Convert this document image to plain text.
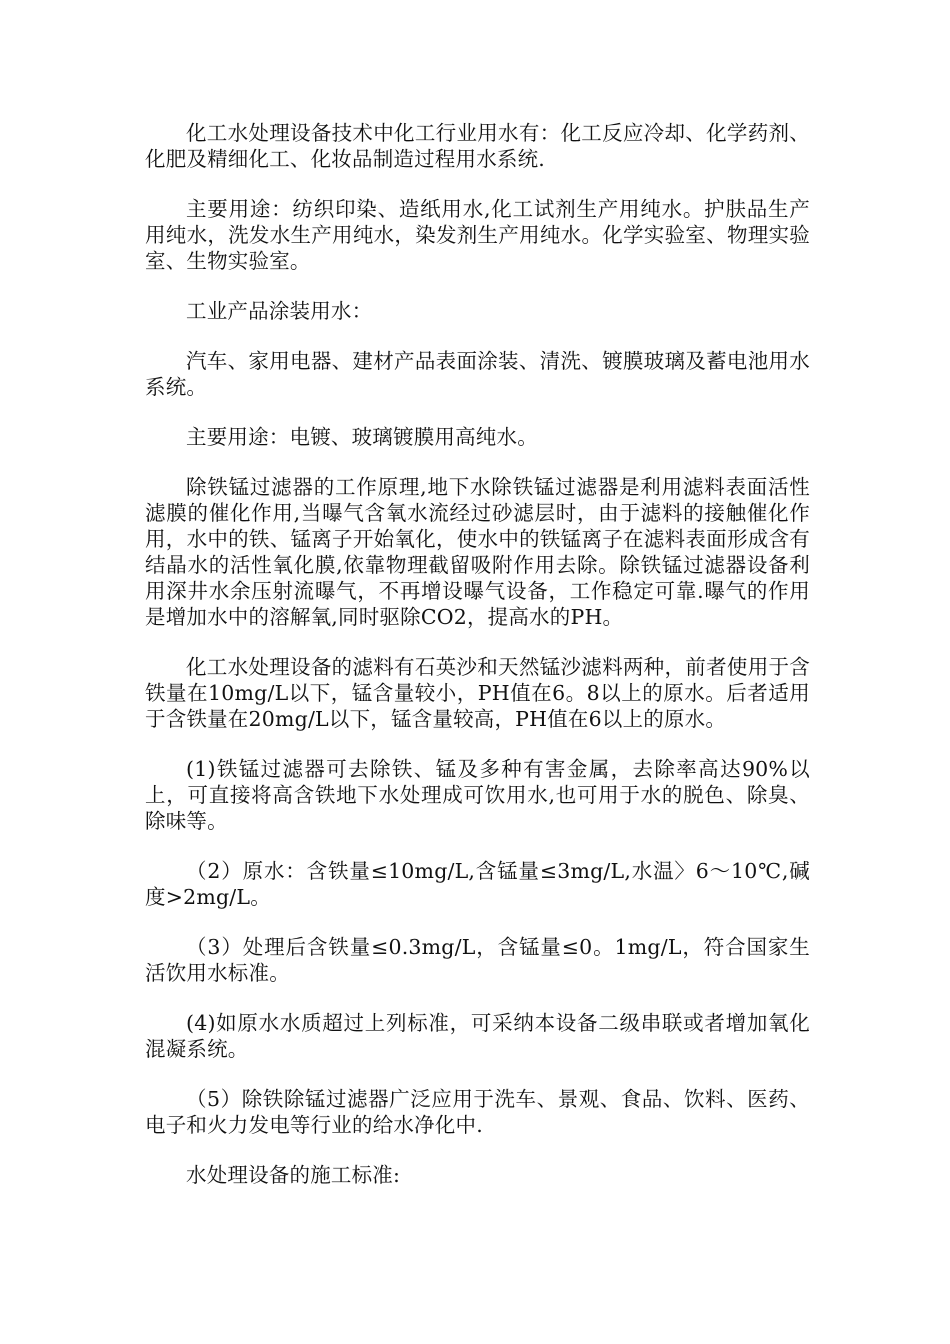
化工水处理设备技术中化工行业用水有：化工反应冷却、化学药剂、化肥及精细化工、化妆品制造过程用水系统.

主要用途：纺织印染、造纸用水,化工试剂生产用纯水。护肤品生产用纯水，洗发水生产用纯水，染发剂生产用纯水。化学实验室、物理实验室、生物实验室。

工业产品涂装用水：

汽车、家用电器、建材产品表面涂装、清洗、镀膜玻璃及蓄电池用水系统。

主要用途：电镀、玻璃镀膜用高纯水。

除铁锰过滤器的工作原理,地下水除铁锰过滤器是利用滤料表面活性滤膜的催化作用,当曝气含氧水流经过砂滤层时，由于滤料的接触催化作用，水中的铁、锰离子开始氧化，使水中的铁锰离子在滤料表面形成含有结晶水的活性氧化膜,依靠物理截留吸附作用去除。除铁锰过滤器设备利用深井水余压射流曝气，不再增设曝气设备，工作稳定可靠.曝气的作用是增加水中的溶解氧,同时驱除CO2，提高水的PH。

化工水处理设备的滤料有石英沙和天然锰沙滤料两种，前者使用于含铁量在10mg/L以下，锰含量较小，PH值在6。8以上的原水。后者适用于含铁量在20mg/L以下，锰含量较高，PH值在6以上的原水。

(1)铁锰过滤器可去除铁、锰及多种有害金属，去除率高达90%以上，可直接将高含铁地下水处理成可饮用水,也可用于水的脱色、除臭、除味等。

（2）原水：含铁量≤10mg/L,含锰量≤3mg/L,水温〉6～10℃,碱度>2mg/L。

（3）处理后含铁量≤0.3mg/L，含锰量≤0。1mg/L，符合国家生活饮用水标准。

(4)如原水水质超过上列标准，可采纳本设备二级串联或者增加氧化混凝系统。

（5）除铁除锰过滤器广泛应用于洗车、景观、食品、饮料、医药、电子和火力发电等行业的给水净化中.

水处理设备的施工标准:
